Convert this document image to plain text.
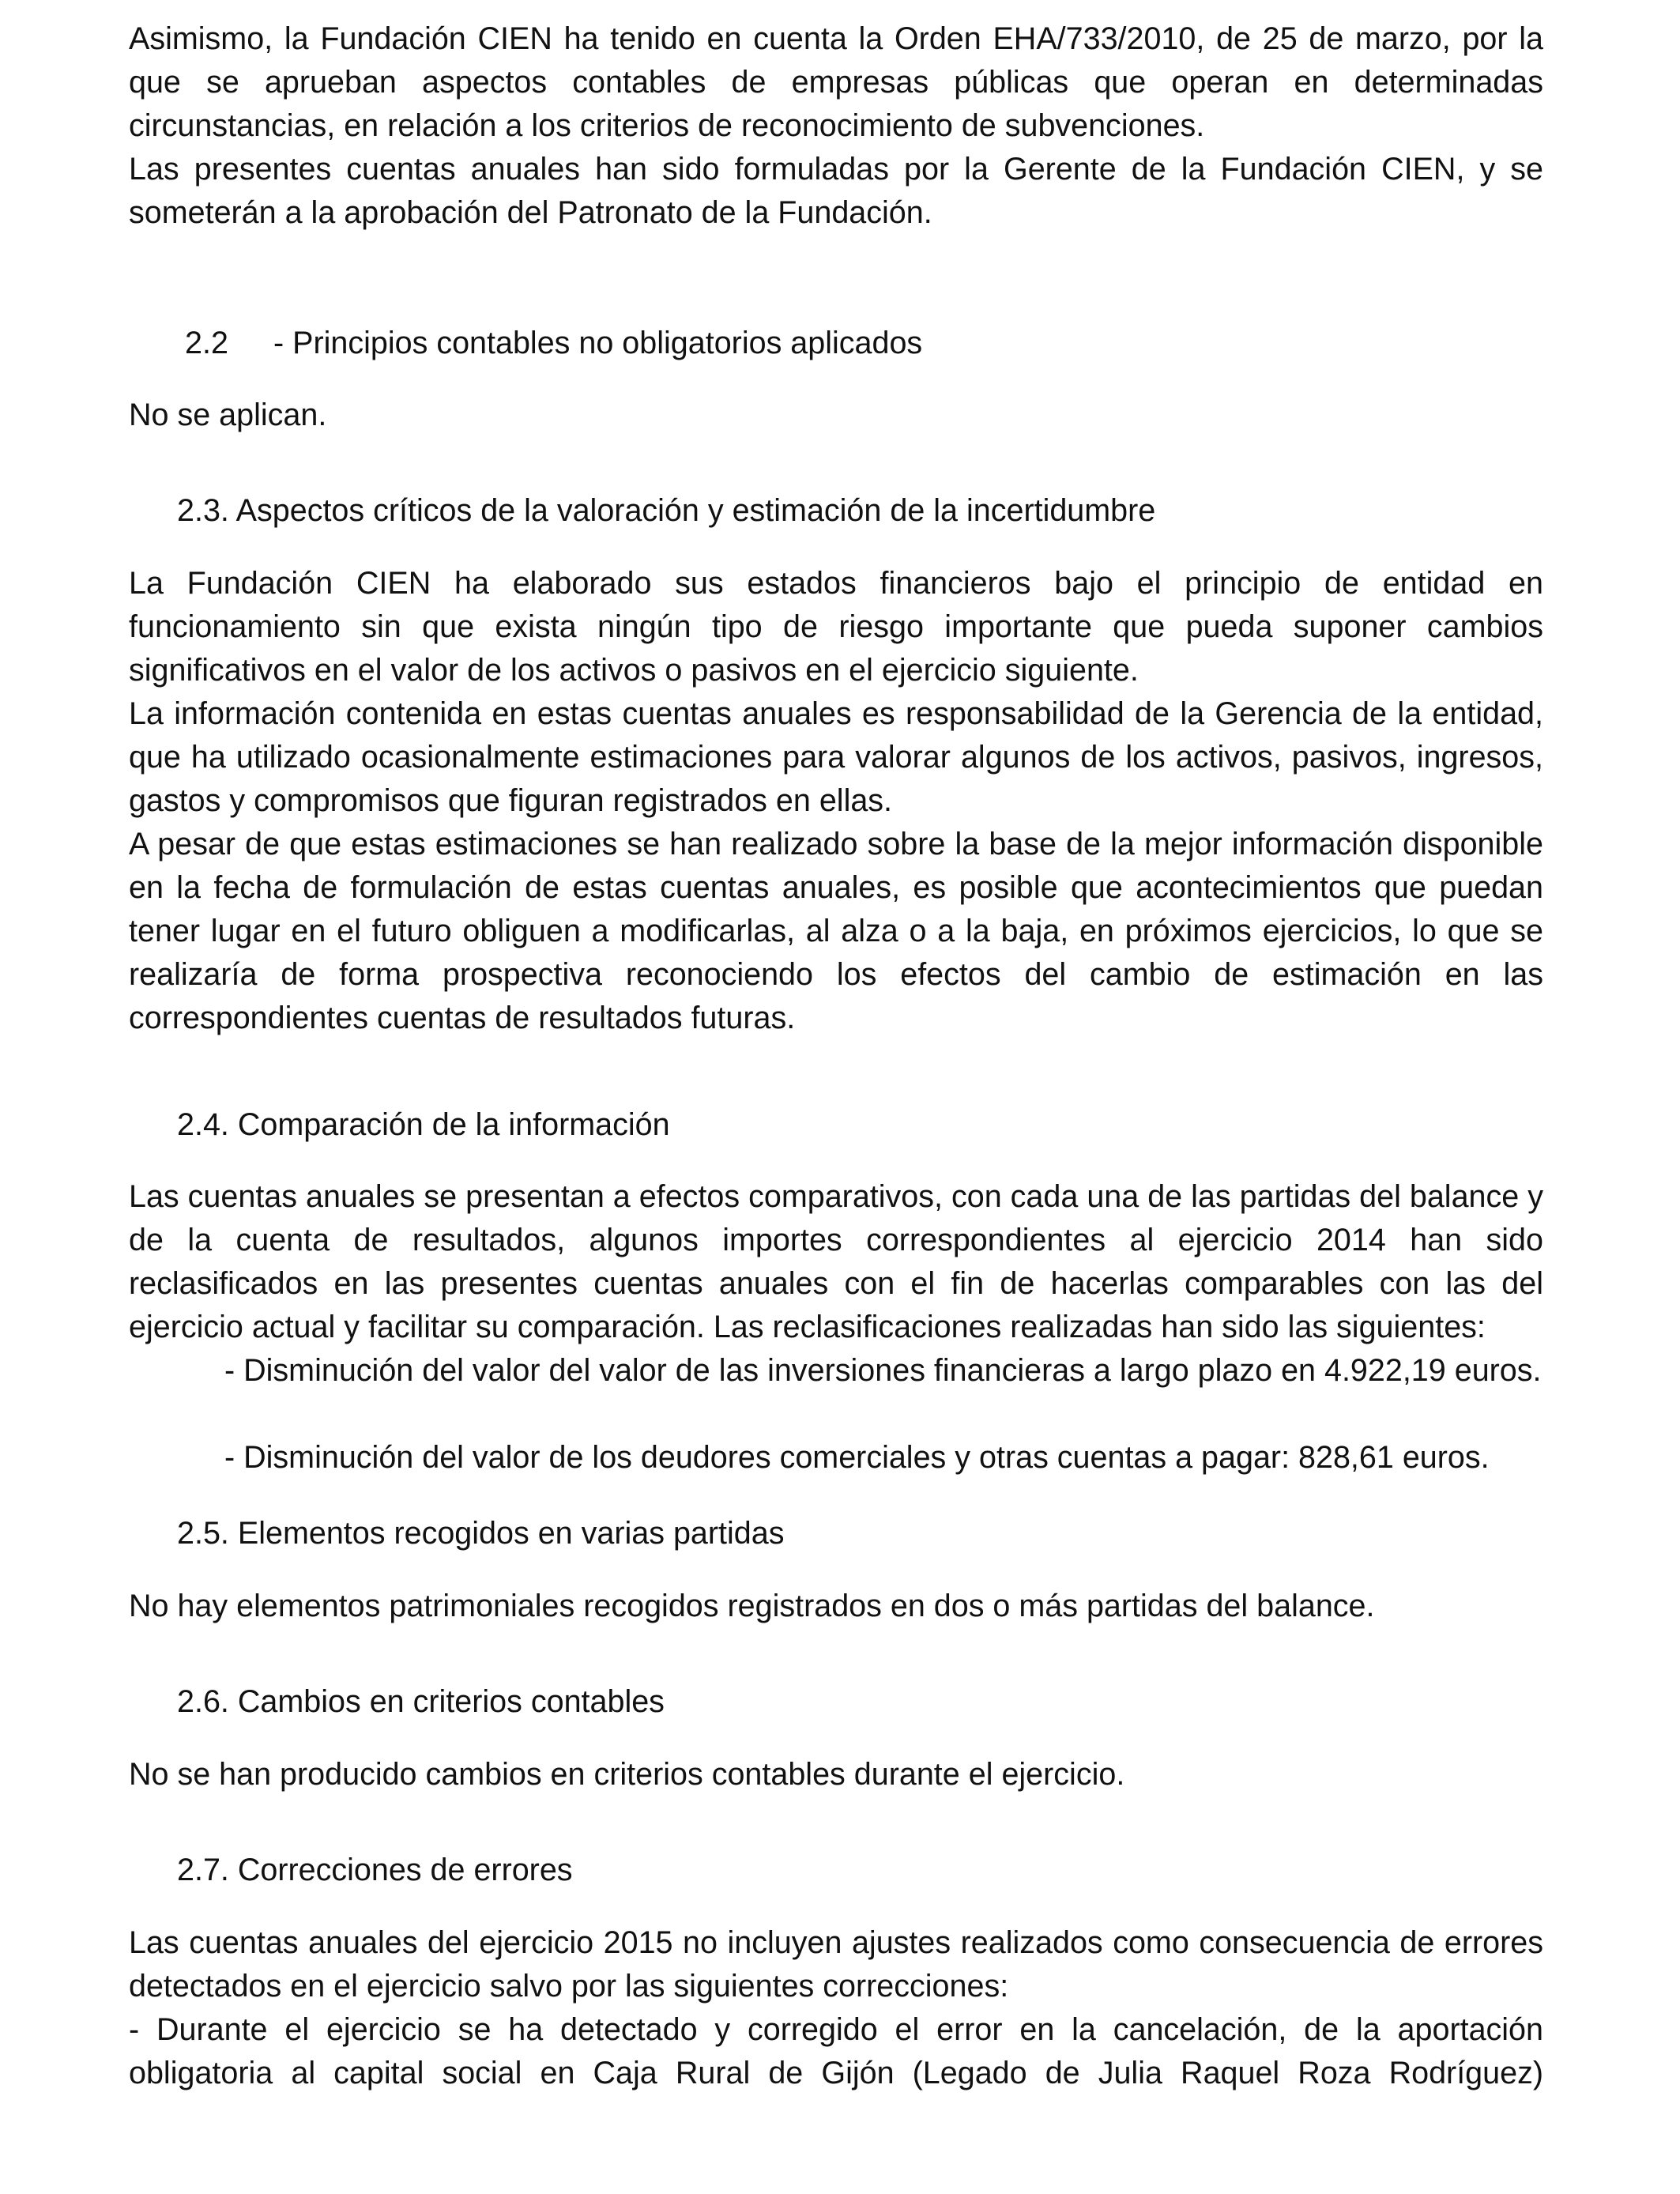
Asimismo, la Fundación CIEN ha tenido en cuenta la Orden EHA/733/2010, de 25 de marzo, por la que se aprueban aspectos contables de empresas públicas que operan en determinadas circunstancias, en relación a los criterios de reconocimiento de subvenciones.

Las presentes cuentas anuales han sido formuladas por la Gerente de la Fundación CIEN, y se someterán a la aprobación del Patronato de la Fundación.

2.2 - Principios contables no obligatorios aplicados

No se aplican.

2.3. Aspectos críticos de la valoración y estimación de la incertidumbre

La Fundación CIEN ha elaborado sus estados financieros bajo el principio de entidad en funcionamiento sin que exista ningún tipo de riesgo importante que pueda suponer cambios significativos en el valor de los activos o pasivos en el ejercicio siguiente.

La información contenida en estas cuentas anuales es responsabilidad de la Gerencia de la entidad, que ha utilizado ocasionalmente estimaciones para valorar algunos de los activos, pasivos, ingresos, gastos y compromisos que figuran registrados en ellas.

A pesar de que estas estimaciones se han realizado sobre la base de la mejor información disponible en la fecha de formulación de estas cuentas anuales, es posible que acontecimientos que puedan tener lugar en el futuro obliguen a modificarlas, al alza o a la baja, en próximos ejercicios, lo que se realizaría de forma prospectiva reconociendo los efectos del cambio de estimación en las correspondientes cuentas de resultados futuras.

2.4. Comparación de la información

Las cuentas anuales se presentan a efectos comparativos, con cada una de las partidas del balance y de la cuenta de resultados, algunos importes correspondientes al ejercicio 2014 han sido reclasificados en las presentes cuentas anuales con el fin de hacerlas comparables con las del ejercicio actual y facilitar su comparación. Las reclasificaciones realizadas han sido las siguientes:

- Disminución del valor del valor de las inversiones financieras a largo plazo en 4.922,19 euros.

- Disminución del valor de los deudores comerciales y otras cuentas a pagar: 828,61 euros.

2.5. Elementos recogidos en varias partidas

No hay elementos patrimoniales recogidos registrados en dos o más partidas del balance.

2.6. Cambios en criterios contables

No se han producido cambios en criterios contables durante el ejercicio.

2.7. Correcciones de errores

Las cuentas anuales del ejercicio 2015 no incluyen ajustes realizados como consecuencia de errores detectados en el ejercicio salvo por las siguientes correcciones:

- Durante el ejercicio se ha detectado y corregido el error en la cancelación, de la aportación obligatoria al capital social en Caja Rural de Gijón (Legado de Julia Raquel Roza Rodríguez)
